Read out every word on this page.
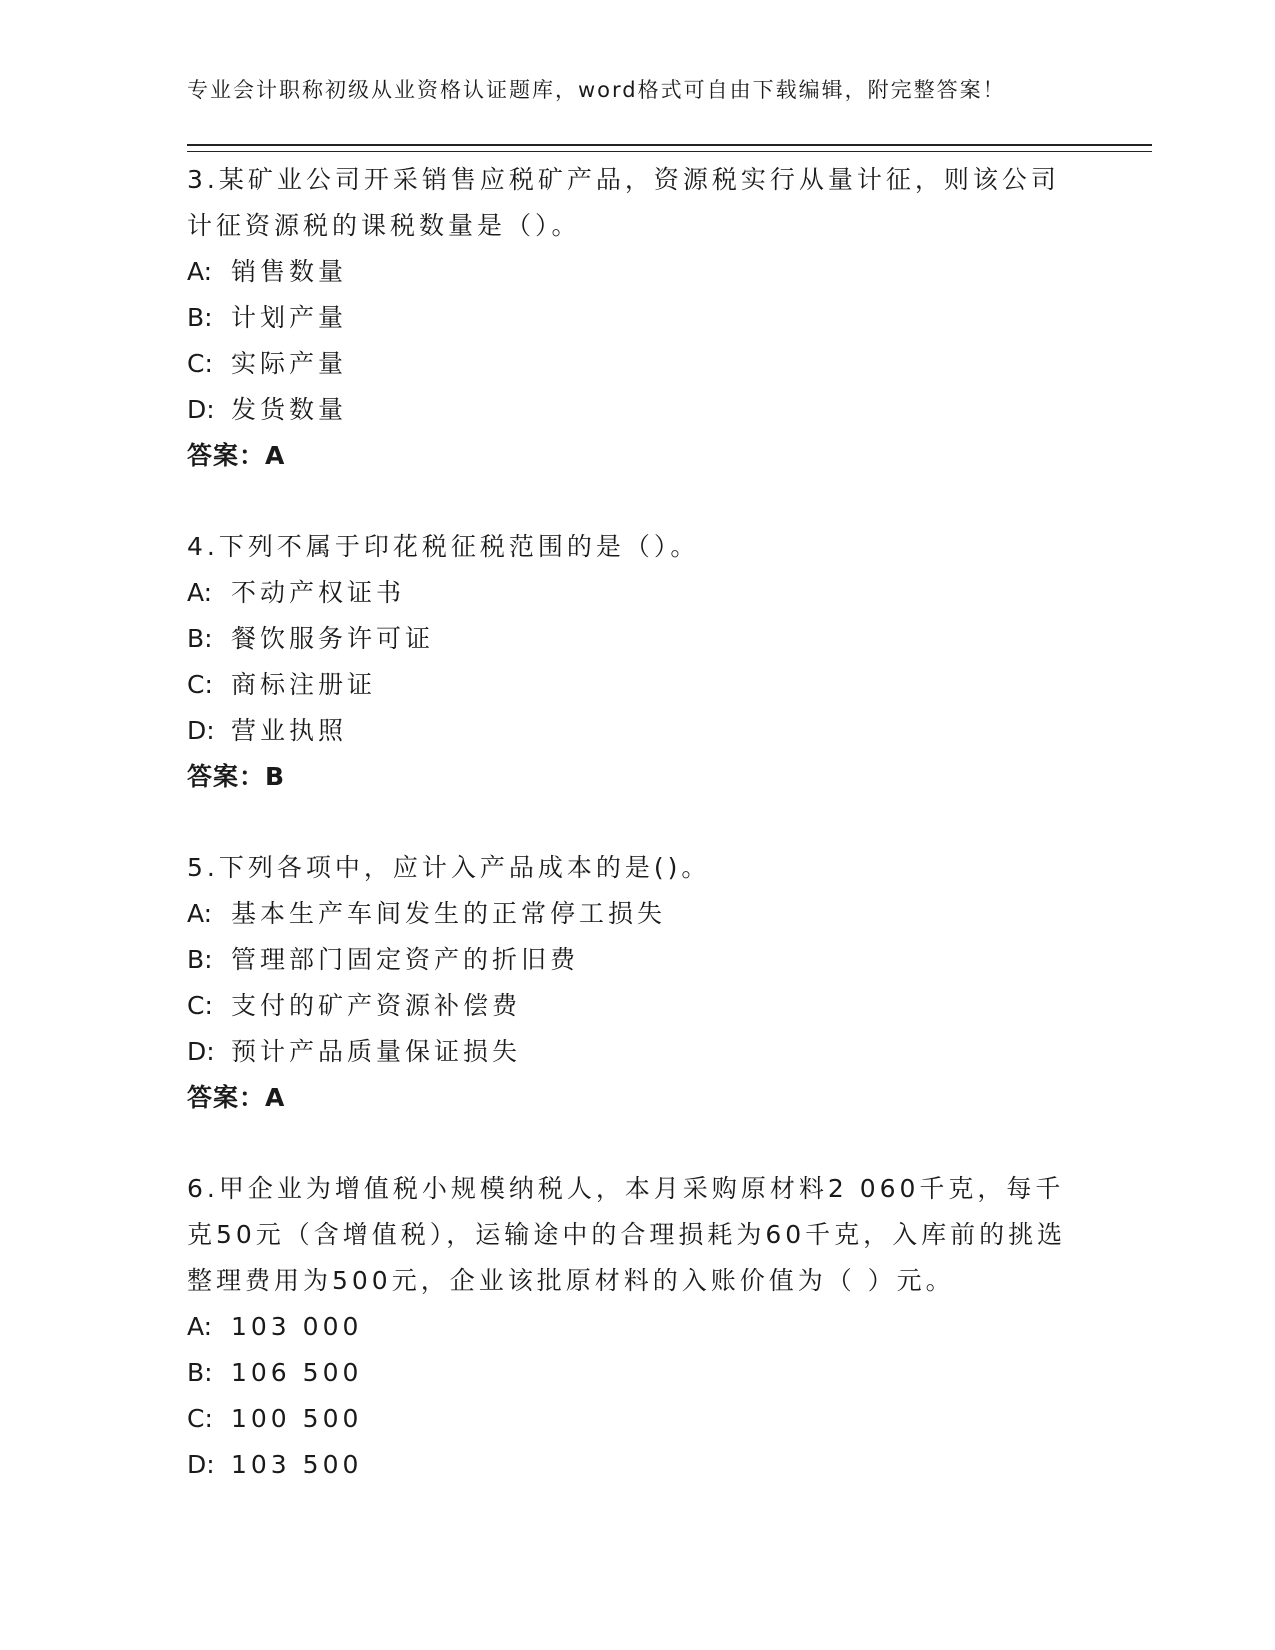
专业会计职称初级从业资格认证题库，word格式可自由下载编辑，附完整答案！

3.某矿业公司开采销售应税矿产品，资源税实行从量计征，则该公司计征资源税的课税数量是（）。

A: 销售数量

B: 计划产量

C: 实际产量

D: 发货数量

答案：A

4.下列不属于印花税征税范围的是（）。

A: 不动产权证书

B: 餐饮服务许可证

C: 商标注册证

D: 营业执照

答案：B

5.下列各项中，应计入产品成本的是()。

A: 基本生产车间发生的正常停工损失

B: 管理部门固定资产的折旧费

C: 支付的矿产资源补偿费

D: 预计产品质量保证损失

答案：A

6.甲企业为增值税小规模纳税人，本月采购原材料2 060千克，每千克50元（含增值税），运输途中的合理损耗为60千克，入库前的挑选整理费用为500元，企业该批原材料的入账价值为（ ）元。

A: 103 000

B: 106 500

C: 100 500

D: 103 500
